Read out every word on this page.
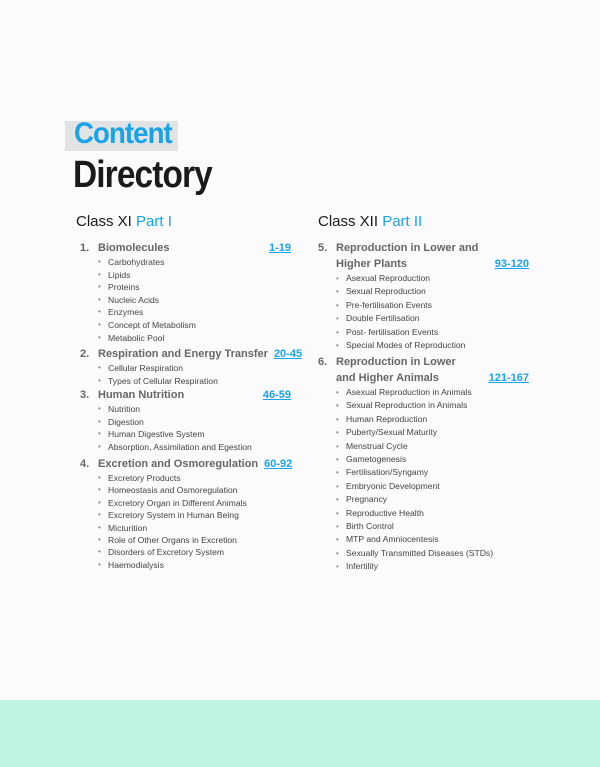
Content
Directory
Class XI Part I	Class XII Part II
1. Biomolecules	1-19
• Carbohydrates
• Lipids
• Proteins
• Nucleic Acids
• Enzymes
• Concept of Metabolism
• Metabolic Pool
2. Respiration and Energy Transfer 20-45
• Cellular Respiration
• Types of Cellular Respiration
3. Human Nutrition	46-59
• Nutrition
• Digestion
• Human Digestive System
• Absorption, Assimilation and Egestion
4. Excretion and Osmoregulation 60-92
• Excretory Products
• Homeostasis and Osmoregulation
• Excretory Organ in Different Animals
• Excretory System in Human Being
• Micturition
• Role of Other Organs in Excretion
• Disorders of Excretory System
• Haemodialysis
5. Reproduction in Lower and
Higher Plants	93-120
• Asexual Reproduction
• Sexual Reproduction
• Pre-fertilisation Events
• Double Fertilisation
• Post- fertilisation Events
• Special Modes of Reproduction
6. Reproduction in Lower
and Higher Animals	121-167
• Asexual Reproduction in Animals
• Sexual Reproduction in Animals
• Human Reproduction
• Puberty/Sexual Maturity
• Menstrual Cycle
• Gametogenesis
• Fertilisation/Syngamy
• Embryonic Development
• Pregnancy
• Reproductive Health
• Birth Control
• MTP and Amniocentesis
• Sexually Transmitted Diseases (STDs)
• Infertility
